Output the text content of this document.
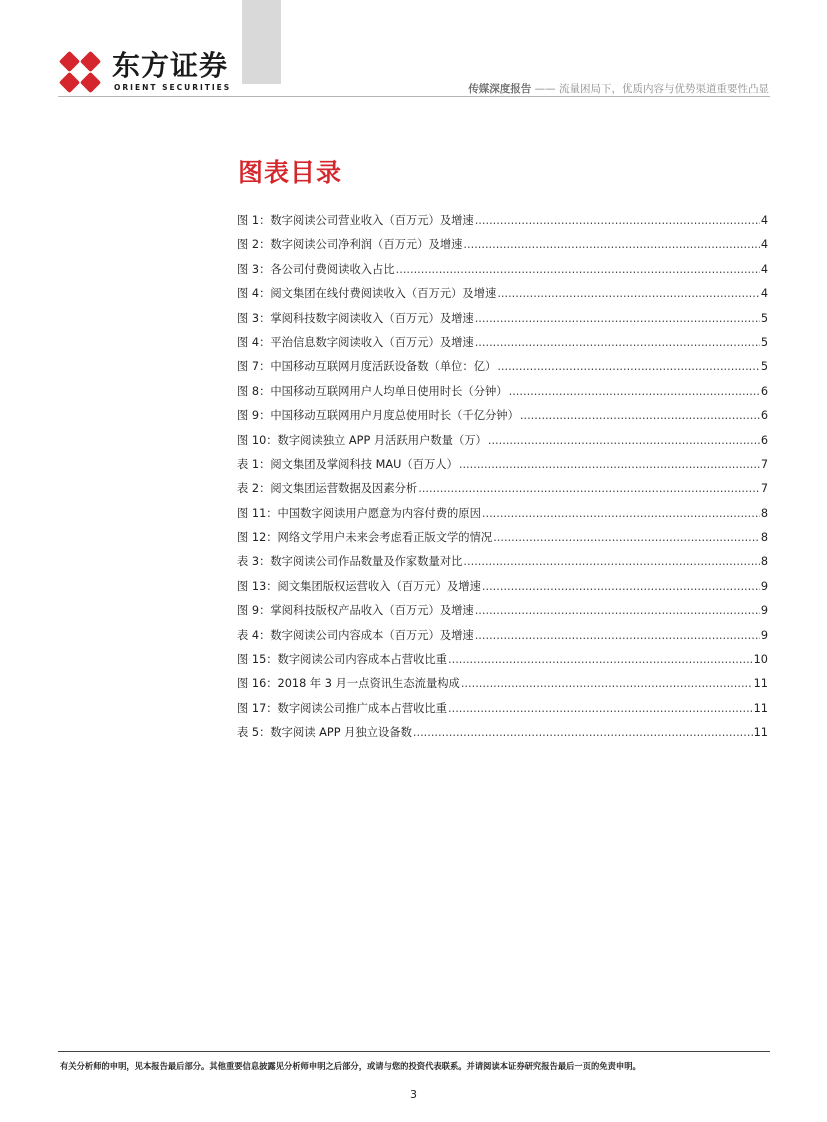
东方证券
ORIENT SECURITIES	传媒深度报告 —— 流量困局下，优质内容与优势渠道重要性凸显
图表目录
图 1：数字阅读公司营业收入（百万元）及增速 .....	4
图 2：数字阅读公司净利润（百万元）及增速 .....	4
图 3：各公司付费阅读收入占比 .....	4
图 4：阅文集团在线付费阅读收入（百万元）及增速 .....	4
图 3：掌阅科技数字阅读收入（百万元）及增速 .....	5
图 4：平治信息数字阅读收入（百万元）及增速 .....	5
图 7：中国移动互联网月度活跃设备数（单位：亿） .....	5
图 8：中国移动互联网用户人均单日使用时长（分钟） .....	6
图 9：中国移动互联网用户月度总使用时长（千亿分钟） .....	6
图 10：数字阅读独立 APP 月活跃用户数量（万） .....	6
表 1：阅文集团及掌阅科技 MAU（百万人） .....	7
表 2：阅文集团运营数据及因素分析 .....	7
图 11：中国数字阅读用户愿意为内容付费的原因 .....	8
图 12：网络文学用户未来会考虑看正版文学的情况 .....	8
表 3：数字阅读公司作品数量及作家数量对比 .....	8
图 13：阅文集团版权运营收入（百万元）及增速 .....	9
图 9：掌阅科技版权产品收入（百万元）及增速 .....	9
表 4：数字阅读公司内容成本（百万元）及增速 .....	9
图 15：数字阅读公司内容成本占营收比重 .....	10
图 16：2018 年 3 月一点资讯生态流量构成 .....	11
图 17：数字阅读公司推广成本占营收比重 .....	11
表 5：数字阅读 APP 月独立设备数 .....	11
有关分析师的申明，见本报告最后部分。其他重要信息披露见分析师申明之后部分，或请与您的投资代表联系。并请阅读本证券研究报告最后一页的免责申明。
3
